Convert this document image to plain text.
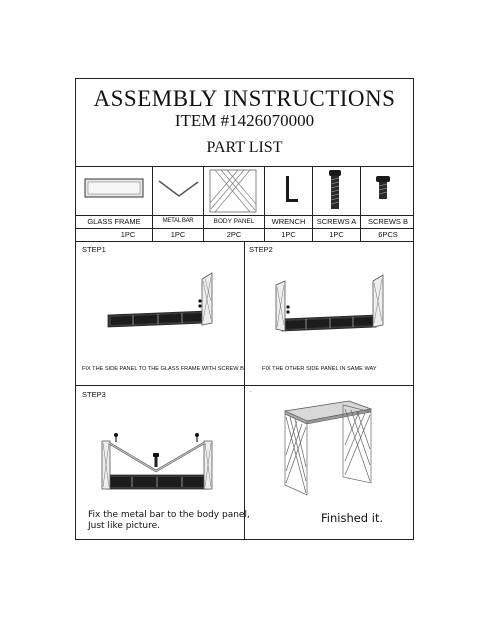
ASSEMBLY INSTRUCTIONS
ITEM #1426070000
PART LIST
GLASS FRAME	METAL BAR	BODY PANEL	WRENCH	SCREWS A	SCREWS B
1PC	1PC	2PC	1PC	1PC	6PCS
STEP1
FIX THE SIDE PANEL TO THE GLASS FRAME WITH SCREW B
STEP2
FIX THE OTHER SIDE PANEL IN SAME WAY
STEP3
Fix the metal bar to the body panel,
Just like picture.
.
Finished it.
